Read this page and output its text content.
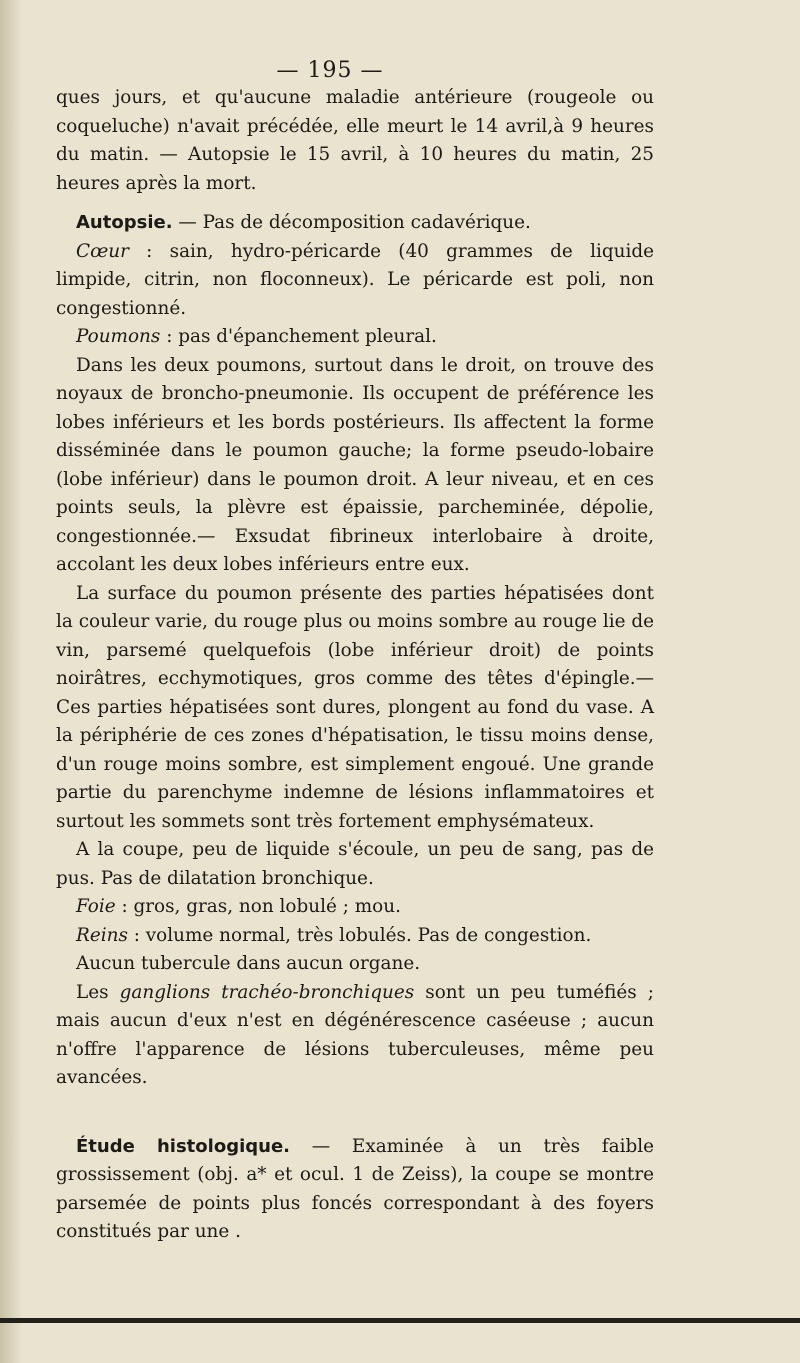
— 195 —

ques jours, et qu'aucune maladie antérieure (rougeole ou coqueluche) n'avait précédée, elle meurt le 14 avril,à 9 heures du matin. — Autopsie le 15 avril, à 10 heures du matin, 25 heures après la mort.

Autopsie. — Pas de décomposition cadavérique.

Cœur : sain, hydro-péricarde (40 grammes de liquide limpide, citrin, non floconneux). Le péricarde est poli, non congestionné.

Poumons : pas d'épanchement pleural.

Dans les deux poumons, surtout dans le droit, on trouve des noyaux de broncho-pneumonie. Ils occupent de préférence les lobes inférieurs et les bords postérieurs. Ils affectent la forme disséminée dans le poumon gauche; la forme pseudo-lobaire (lobe inférieur) dans le poumon droit. A leur niveau, et en ces points seuls, la plèvre est épaissie, parcheminée, dépolie, congestionnée.— Exsudat fibrineux interlobaire à droite, accolant les deux lobes inférieurs entre eux.

La surface du poumon présente des parties hépatisées dont la couleur varie, du rouge plus ou moins sombre au rouge lie de vin, parsemé quelquefois (lobe inférieur droit) de points noirâtres, ecchymotiques, gros comme des têtes d'épingle.— Ces parties hépatisées sont dures, plongent au fond du vase. A la périphérie de ces zones d'hépatisation, le tissu moins dense, d'un rouge moins sombre, est simplement engoué. Une grande partie du parenchyme indemne de lésions inflammatoires et surtout les sommets sont très fortement emphysémateux.

A la coupe, peu de liquide s'écoule, un peu de sang, pas de pus. Pas de dilatation bronchique.

Foie : gros, gras, non lobulé ; mou.

Reins : volume normal, très lobulés. Pas de congestion.

Aucun tubercule dans aucun organe.

Les ganglions trachéo-bronchiques sont un peu tuméfiés ; mais aucun d'eux n'est en dégénérescence caséeuse ; aucun n'offre l'apparence de lésions tuberculeuses, même peu avancées.

Étude histologique. — Examinée à un très faible grossissement (obj. a* et ocul. 1 de Zeiss), la coupe se montre parsemée de points plus foncés correspondant à des foyers constitués par une .
